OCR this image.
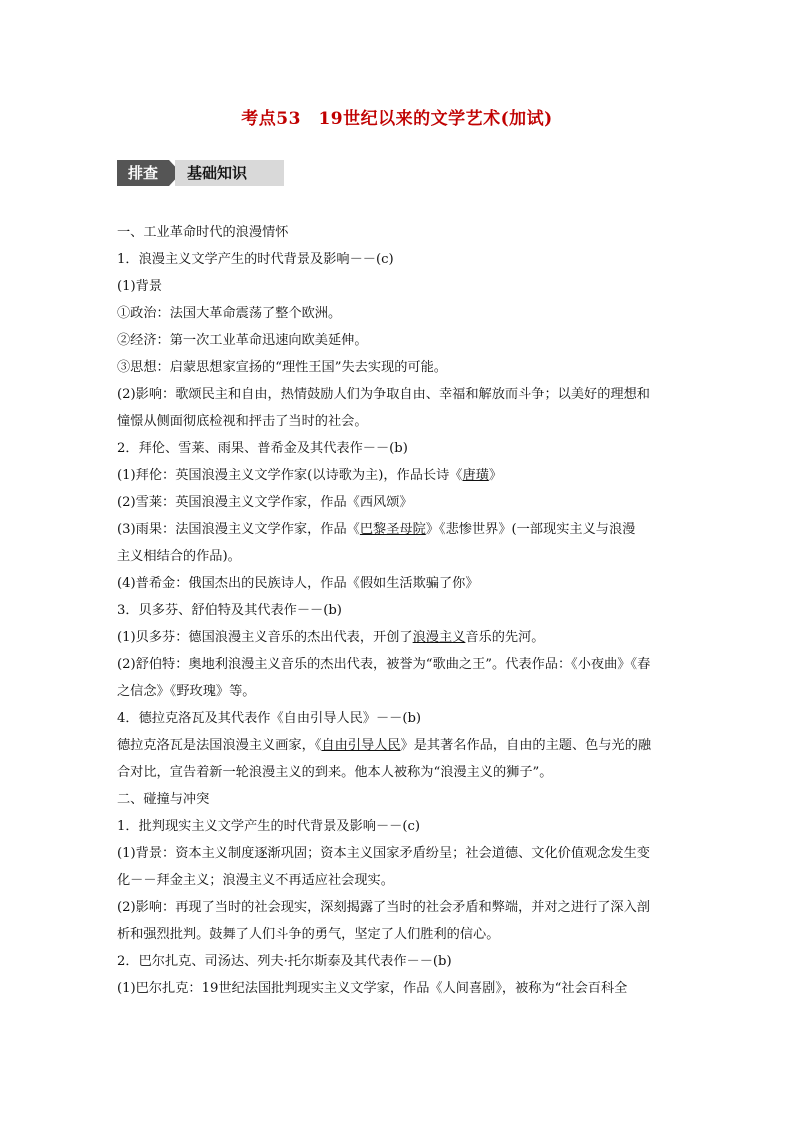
考点53　19世纪以来的文学艺术(加试)
排查	基础知识
一、工业革命时代的浪漫情怀
1．浪漫主义文学产生的时代背景及影响－－(c)
(1)背景
①政治：法国大革命震荡了整个欧洲。
②经济：第一次工业革命迅速向欧美延伸。
③思想：启蒙思想家宣扬的“理性王国”失去实现的可能。
(2)影响：歌颂民主和自由，热情鼓励人们为争取自由、幸福和解放而斗争；以美好的理想和
憧憬从侧面彻底检视和抨击了当时的社会。
2．拜伦、雪莱、雨果、普希金及其代表作－－(b)
(1)拜伦：英国浪漫主义文学作家(以诗歌为主)，作品长诗《唐璜》
(2)雪莱：英国浪漫主义文学作家，作品《西风颂》
(3)雨果：法国浪漫主义文学作家，作品《巴黎圣母院》《悲惨世界》(一部现实主义与浪漫
主义相结合的作品)。
(4)普希金：俄国杰出的民族诗人，作品《假如生活欺骗了你》
3．贝多芬、舒伯特及其代表作－－(b)
(1)贝多芬：德国浪漫主义音乐的杰出代表，开创了浪漫主义音乐的先河。
(2)舒伯特：奥地利浪漫主义音乐的杰出代表，被誉为“歌曲之王”。代表作品：《小夜曲》《春
之信念》《野玫瑰》等。
4．德拉克洛瓦及其代表作《自由引导人民》－－(b)
德拉克洛瓦是法国浪漫主义画家，《自由引导人民》是其著名作品，自由的主题、色与光的融
合对比，宣告着新一轮浪漫主义的到来。他本人被称为“浪漫主义的狮子”。
二、碰撞与冲突
1．批判现实主义文学产生的时代背景及影响－－(c)
(1)背景：资本主义制度逐渐巩固；资本主义国家矛盾纷呈；社会道德、文化价值观念发生变
化－－拜金主义；浪漫主义不再适应社会现实。
(2)影响：再现了当时的社会现实，深刻揭露了当时的社会矛盾和弊端，并对之进行了深入剖
析和强烈批判。鼓舞了人们斗争的勇气，坚定了人们胜利的信心。
2．巴尔扎克、司汤达、列夫·托尔斯泰及其代表作－－(b)
(1)巴尔扎克：19世纪法国批判现实主义文学家，作品《人间喜剧》，被称为“社会百科全
